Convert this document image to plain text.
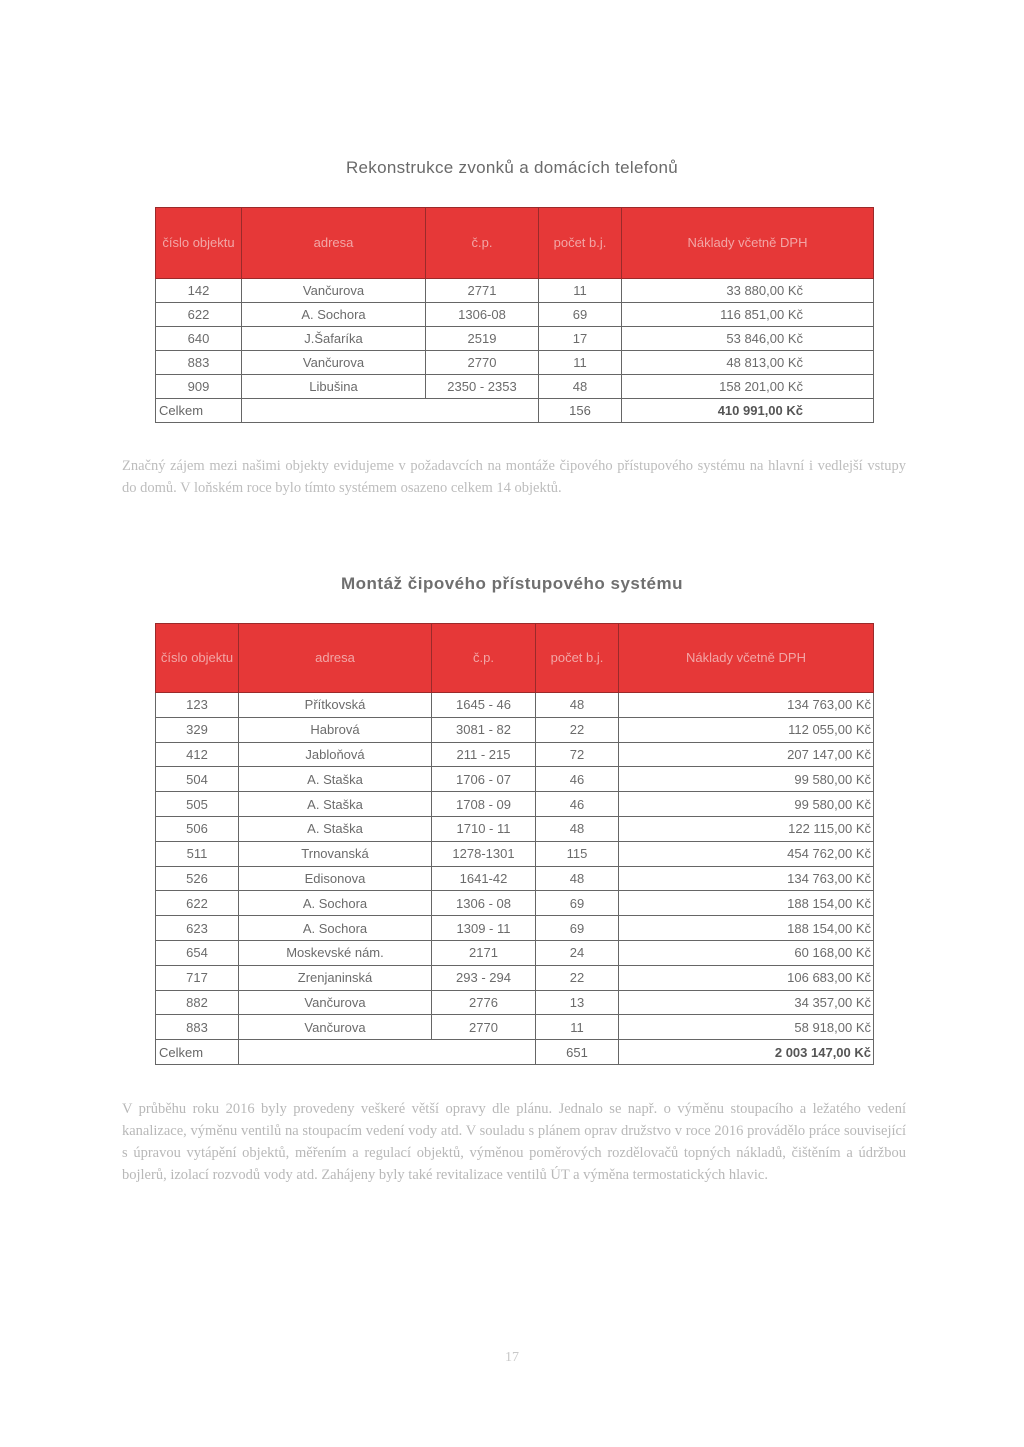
Rekonstrukce zvonků a domácích telefonů
číslo objektu	adresa	č.p.	počet b.j.	Náklady včetně DPH
142	Vančurova	2771	11	33 880,00 Kč
622	A. Sochora	1306-08	69	116 851,00 Kč
640	J.Šafaríka	2519	17	53 846,00 Kč
883	Vančurova	2770	11	48 813,00 Kč
909	Libušina	2350 - 2353	48	158 201,00 Kč
Celkem			156	410 991,00 Kč
Značný zájem mezi našimi objekty evidujeme v požadavcích na montáže čipového přístupového systému na hlavní i vedlejší vstupy do domů. V loňském roce bylo tímto systémem osazeno celkem 14 objektů.
Montáž čipového přístupového systému
číslo objektu	adresa	č.p.	počet b.j.	Náklady včetně DPH
123	Přítkovská	1645 - 46	48	134 763,00 Kč
329	Habrová	3081 - 82	22	112 055,00 Kč
412	Jabloňová	211 - 215	72	207 147,00 Kč
504	A. Staška	1706 - 07	46	99 580,00 Kč
505	A. Staška	1708 - 09	46	99 580,00 Kč
506	A. Staška	1710 - 11	48	122 115,00 Kč
511	Trnovanská	1278-1301	115	454 762,00 Kč
526	Edisonova	1641-42	48	134 763,00 Kč
622	A. Sochora	1306 - 08	69	188 154,00 Kč
623	A. Sochora	1309 - 11	69	188 154,00 Kč
654	Moskevské nám.	2171	24	60 168,00 Kč
717	Zrenjaninská	293 - 294	22	106 683,00 Kč
882	Vančurova	2776	13	34 357,00 Kč
883	Vančurova	2770	11	58 918,00 Kč
Celkem			651	2 003 147,00 Kč
V průběhu roku 2016 byly provedeny veškeré větší opravy dle plánu. Jednalo se např. o výměnu stoupacího a ležatého vedení kanalizace, výměnu ventilů na stoupacím vedení vody atd. V souladu s plánem oprav družstvo v roce 2016 provádělo práce související s úpravou vytápění objektů, měřením a regulací objektů, výměnou poměrových rozdělovačů topných nákladů, čištěním a údržbou bojlerů, izolací rozvodů vody atd. Zahájeny byly také revitalizace ventilů ÚT a výměna termostatických hlavic.
17
